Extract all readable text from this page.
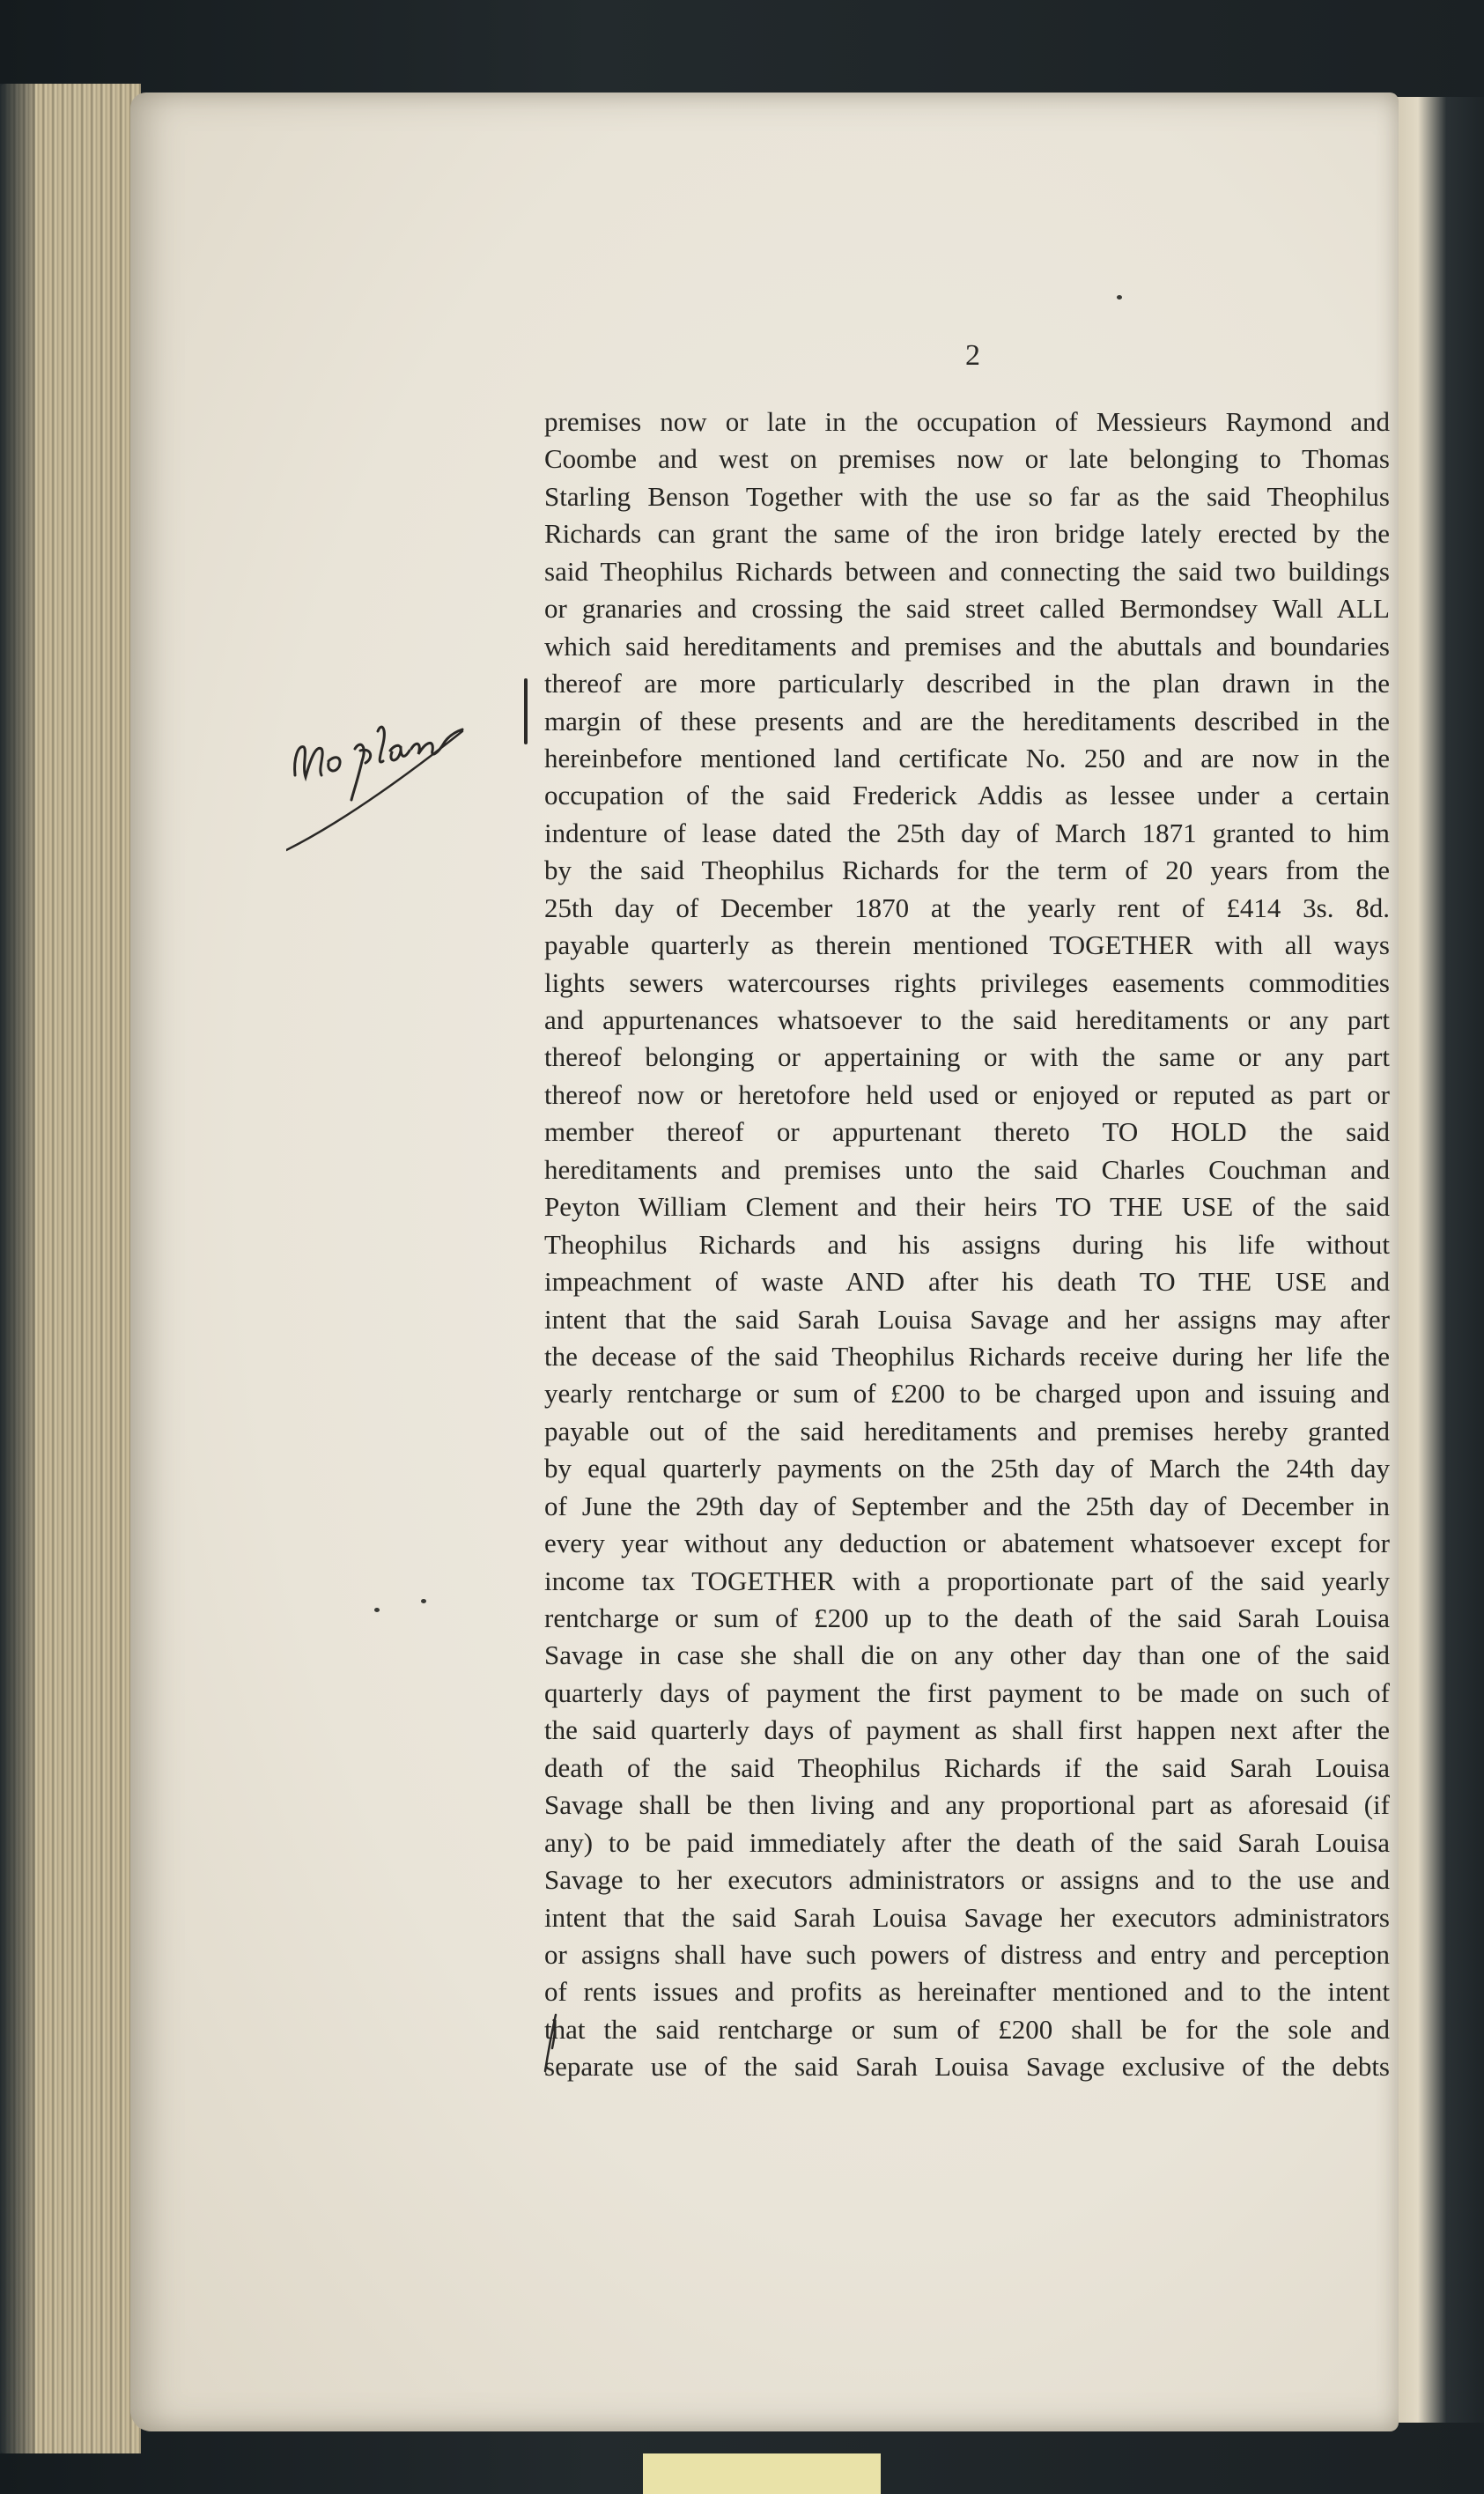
2
premises now or late in the occupation of Messieurs Raymond and
Coombe and west on premises now or late belonging to Thomas
Starling Benson Together with the use so far as the said Theophilus
Richards can grant the same of the iron bridge lately erected by the
said Theophilus Richards between and connecting the said two buildings
or granaries and crossing the said street called Bermondsey Wall ALL
which said hereditaments and premises and the abuttals and boundaries
thereof are more particularly described in the plan drawn in the
margin of these presents and are the hereditaments described in the
hereinbefore mentioned land certificate No. 250 and are now in the
occupation of the said Frederick Addis as lessee under a certain
indenture of lease dated the 25th day of March 1871 granted to him
by the said Theophilus Richards for the term of 20 years from the
25th day of December 1870 at the yearly rent of £414 3s. 8d.
payable quarterly as therein mentioned TOGETHER with all ways
lights sewers watercourses rights privileges easements commodities
and appurtenances whatsoever to the said hereditaments or any part
thereof belonging or appertaining or with the same or any part
thereof now or heretofore held used or enjoyed or reputed as part or
member thereof or appurtenant thereto TO HOLD the said
hereditaments and premises unto the said Charles Couchman and
Peyton William Clement and their heirs TO THE USE of the said
Theophilus Richards and his assigns during his life without
impeachment of waste AND after his death TO THE USE and
intent that the said Sarah Louisa Savage and her assigns may after
the decease of the said Theophilus Richards receive during her life the
yearly rentcharge or sum of £200 to be charged upon and issuing and
payable out of the said hereditaments and premises hereby granted
by equal quarterly payments on the 25th day of March the 24th day
of June the 29th day of September and the 25th day of December in
every year without any deduction or abatement whatsoever except for
income tax TOGETHER with a proportionate part of the said yearly
rentcharge or sum of £200 up to the death of the said Sarah Louisa
Savage in case she shall die on any other day than one of the said
quarterly days of payment the first payment to be made on such of
the said quarterly days of payment as shall first happen next after the
death of the said Theophilus Richards if the said Sarah Louisa
Savage shall be then living and any proportional part as aforesaid (if
any) to be paid immediately after the death of the said Sarah Louisa
Savage to her executors administrators or assigns and to the use and
intent that the said Sarah Louisa Savage her executors administrators
or assigns shall have such powers of distress and entry and perception
of rents issues and profits as hereinafter mentioned and to the intent
that the said rentcharge or sum of £200 shall be for the sole and
separate use of the said Sarah Louisa Savage exclusive of the debts
